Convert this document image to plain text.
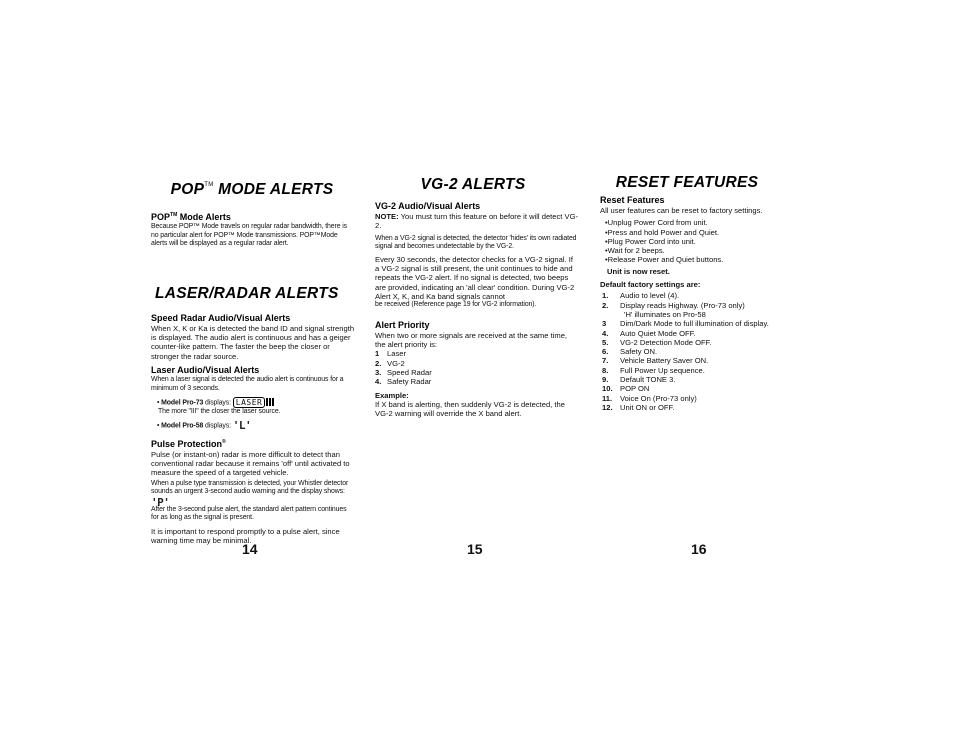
POP™ MODE ALERTS
POP™ Mode Alerts

Because POP™ Mode travels on regular radar bandwidth, there is no particular alert for POP™ Mode transmissions. POP™Mode alerts will be displayed as a regular radar alert.

LASER/RADAR ALERTS
Speed Radar Audio/Visual Alerts

When X, K or Ka is detected the band ID and signal strength is displayed. The audio alert is continuous and has a geiger counter-like pattern. The faster the beep the closer or stronger the radar source.

Laser Audio/Visual Alerts

When a laser signal is detected the audio alert is continuous for a minimum of 3 seconds.

• Model Pro-73 displays: LASER

The more "III" the closer the laser source.

• Model Pro-58 displays: 'L'
Pulse Protection®

Pulse (or instant-on) radar is more difficult to detect than conventional radar because it remains 'off' until activated to measure the speed of a targeted vehicle.

When a pulse type transmission is detected, your Whistler detector sounds an urgent 3-second audio warning and the display shows: 'P'

After the 3-second pulse alert, the standard alert pattern continues for as long as the signal is present.

It is important to respond promptly to a pulse alert, since warning time may be minimal.

14
VG-2 ALERTS
VG-2 Audio/Visual Alerts

NOTE: You must turn this feature on before it will detect VG-2.

When a VG-2 signal is detected, the detector 'hides' its own radiated signal and becomes undetectable by the VG-2.

Every 30 seconds, the detector checks for a VG-2 signal. If a VG-2 signal is still present, the unit continues to hide and repeats the VG-2 alert. If no signal is detected, two beeps are provided, indicating an 'all clear' condition. During VG-2 Alert X, K, and Ka band signals cannot

be received (Reference page 19 for VG-2 information).

Alert Priority

When two or more signals are received at the same time, the alert priority is:

1	Laser
2. VG-2
3. Speed Radar
4. Safety Radar
Example:

If X band is alerting, then suddenly VG-2 is detected, the VG-2 warning will override the X band alert.

15
RESET FEATURES
Reset Features

All user features can be reset to factory settings.

•Unplug Power Cord from unit.
•Press and hold Power and Quiet.
•Plug Power Cord into unit.
•Wait for 2 beeps.
•Release Power and Quiet buttons.
Unit is now reset.
Default factory settings are:
1.	Audio to level (4).
2.	Display reads Highway. (Pro-73 only)
'H' illuminates on Pro-58
3	Dim/Dark Mode to full illumination of display.
4.	Auto Quiet Mode OFF.
5.	VG-2 Detection Mode OFF.
6.	Safety ON.
7.	Vehicle Battery Saver ON.
8.	Full Power Up sequence.
9.	Default TONE 3.
10. POP ON
11.	Voice On (Pro-73 only)
12. Unit ON or OFF.
16
